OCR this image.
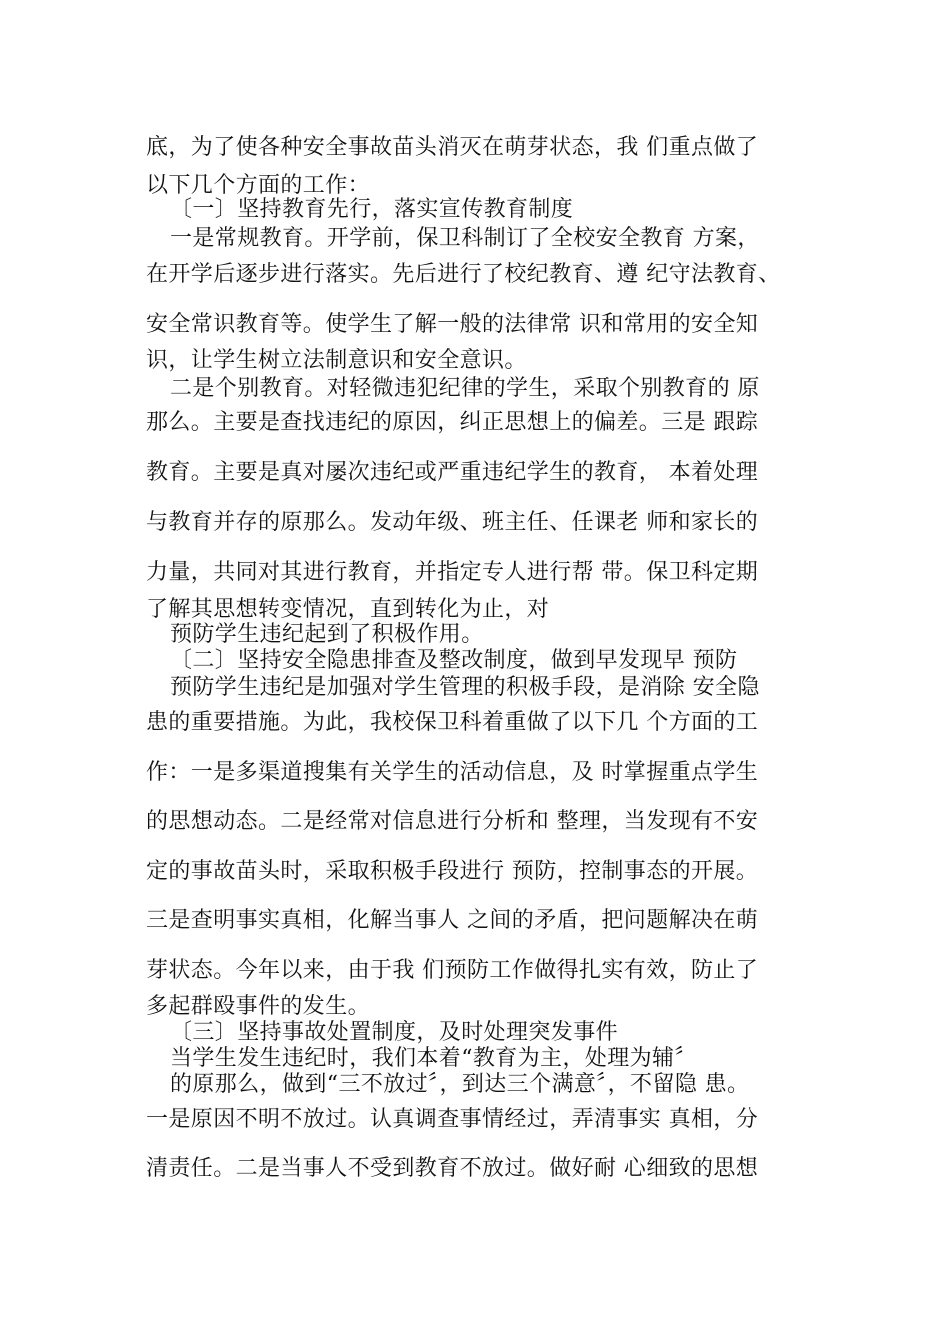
底，为了使各种安全事故苗头消灭在萌芽状态，我 们重点做了

以下几个方面的工作：

〔一〕坚持教育先行，落实宣传教育制度

一是常规教育。开学前，保卫科制订了全校安全教育 方案，

在开学后逐步进行落实。先后进行了校纪教育、遵 纪守法教育、

安全常识教育等。使学生了解一般的法律常 识和常用的安全知

识，让学生树立法制意识和安全意识。

二是个别教育。对轻微违犯纪律的学生，采取个别教育的 原

那么。主要是查找违纪的原因，纠正思想上的偏差。三是 跟踪

教育。主要是真对屡次违纪或严重违纪学生的教育， 本着处理

与教育并存的原那么。发动年级、班主任、任课老 师和家长的

力量，共同对其进行教育，并指定专人进行帮 带。保卫科定期

了解其思想转变情况，直到转化为止，对

预防学生违纪起到了积极作用。

〔二〕坚持安全隐患排查及整改制度，做到早发现早 预防

预防学生违纪是加强对学生管理的积极手段，是消除 安全隐

患的重要措施。为此，我校保卫科着重做了以下几 个方面的工

作：一是多渠道搜集有关学生的活动信息，及 时掌握重点学生

的思想动态。二是经常对信息进行分析和 整理，当发现有不安

定的事故苗头时，采取积极手段进行 预防，控制事态的开展。

三是查明事实真相，化解当事人 之间的矛盾，把问题解决在萌

芽状态。今年以来，由于我 们预防工作做得扎实有效，防止了

多起群殴事件的发生。

〔三〕坚持事故处置制度，及时处理突发事件

当学生发生违纪时，我们本着“教育为主，处理为辅〞

的原那么，做到“三不放过〞，到达三个满意〞，不留隐 患。

一是原因不明不放过。认真调查事情经过，弄清事实 真相，分

清责任。二是当事人不受到教育不放过。做好耐 心细致的思想
